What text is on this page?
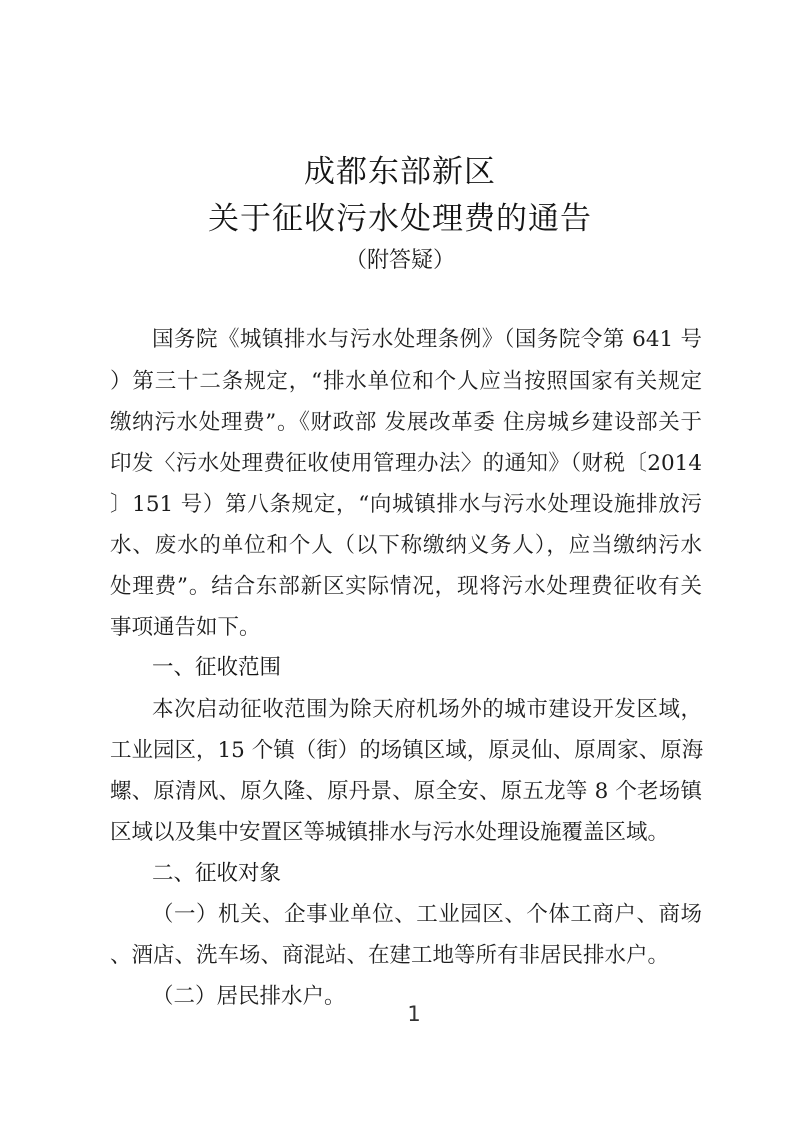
成都东部新区
关于征收污水处理费的通告
（附答疑）
国务院《城镇排水与污水处理条例》（国务院令第 641 号
）第三十二条规定，“排水单位和个人应当按照国家有关规定
缴纳污水处理费”。《财政部 发展改革委 住房城乡建设部关于
印发〈污水处理费征收使用管理办法〉的通知》（财税〔2014
〕151 号）第八条规定，“向城镇排水与污水处理设施排放污
水、废水的单位和个人（以下称缴纳义务人），应当缴纳污水
处理费”。结合东部新区实际情况，现将污水处理费征收有关
事项通告如下。
一、征收范围
本次启动征收范围为除天府机场外的城市建设开发区域，
工业园区，15 个镇（街）的场镇区域，原灵仙、原周家、原海
螺、原清风、原久隆、原丹景、原全安、原五龙等 8 个老场镇
区域以及集中安置区等城镇排水与污水处理设施覆盖区域。
二、征收对象
（一）机关、企事业单位、工业园区、个体工商户、商场
、酒店、洗车场、商混站、在建工地等所有非居民排水户。
（二）居民排水户。
1
